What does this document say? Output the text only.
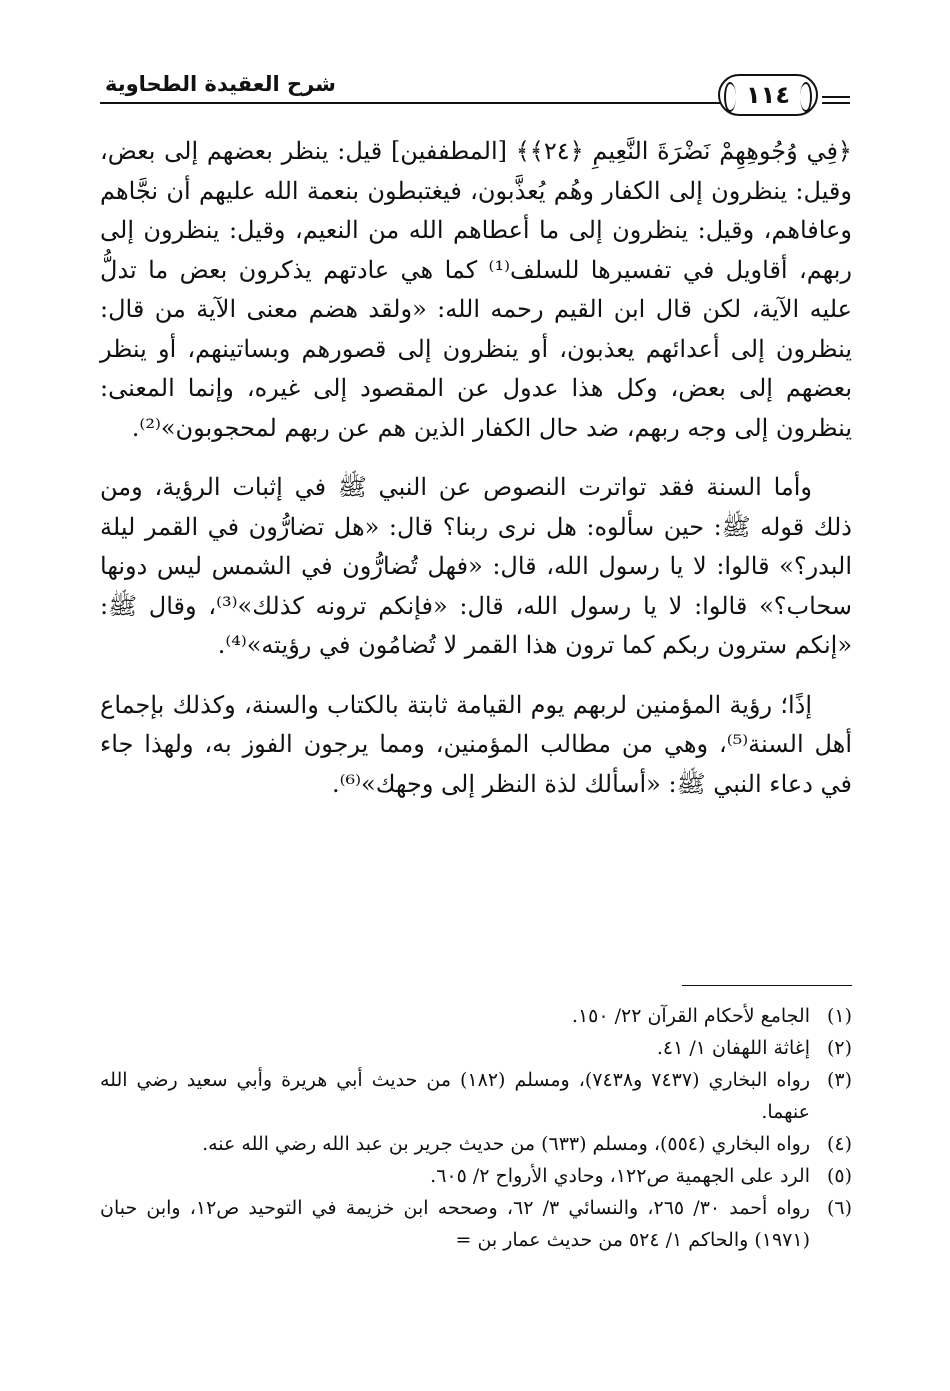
شرح العقيدة الطحاوية	١١٤

﴿فِي وُجُوهِهِمْ نَضْرَةَ النَّعِيمِ ﴿٢٤﴾﴾ [المطففين] قيل: ينظر بعضهم إلى بعض، وقيل: ينظرون إلى الكفار وهُم يُعذَّبون، فيغتبطون بنعمة الله عليهم أن نجَّاهم وعافاهم، وقيل: ينظرون إلى ما أعطاهم الله من النعيم، وقيل: ينظرون إلى ربهم، أقاويل في تفسيرها للسلف⁽¹⁾ كما هي عادتهم يذكرون بعض ما تدلُّ عليه الآية، لكن قال ابن القيم رحمه الله: «ولقد هضم معنى الآية من قال: ينظرون إلى أعدائهم يعذبون، أو ينظرون إلى قصورهم وبساتينهم، أو ينظر بعضهم إلى بعض، وكل هذا عدول عن المقصود إلى غيره، وإنما المعنى: ينظرون إلى وجه ربهم، ضد حال الكفار الذين هم عن ربهم لمحجوبون»⁽²⁾.

وأما السنة فقد تواترت النصوص عن النبي ﷺ في إثبات الرؤية، ومن ذلك قوله ﷺ: حين سألوه: هل نرى ربنا؟ قال: «هل تضارُّون في القمر ليلة البدر؟» قالوا: لا يا رسول الله، قال: «فهل تُضارُّون في الشمس ليس دونها سحاب؟» قالوا: لا يا رسول الله، قال: «فإنكم ترونه كذلك»⁽³⁾، وقال ﷺ: «إنكم سترون ربكم كما ترون هذا القمر لا تُضامُون في رؤيته»⁽⁴⁾.

إذًا؛ رؤية المؤمنين لربهم يوم القيامة ثابتة بالكتاب والسنة، وكذلك بإجماع أهل السنة⁽⁵⁾، وهي من مطالب المؤمنين، ومما يرجون الفوز به، ولهذا جاء في دعاء النبي ﷺ: «أسألك لذة النظر إلى وجهك»⁽⁶⁾.

(١)
الجامع لأحكام القرآن ٢٢/ ١٥٠.
(٢)
إغاثة اللهفان ١/ ٤١.
(٣)
رواه البخاري (٧٤٣٧ و٧٤٣٨)، ومسلم (١٨٢) من حديث أبي هريرة وأبي سعيد رضي الله عنهما.
(٤)
رواه البخاري (٥٥٤)، ومسلم (٦٣٣) من حديث جرير بن عبد الله رضي الله عنه.
(٥)
الرد على الجهمية ص١٢٢، وحادي الأرواح ٢/ ٦٠٥.
(٦)
رواه أحمد ٣٠/ ٢٦٥، والنسائي ٣/ ٦٢، وصححه ابن خزيمة في التوحيد ص١٢، وابن حبان (١٩٧١) والحاكم ١/ ٥٢٤ من حديث عمار بن =
